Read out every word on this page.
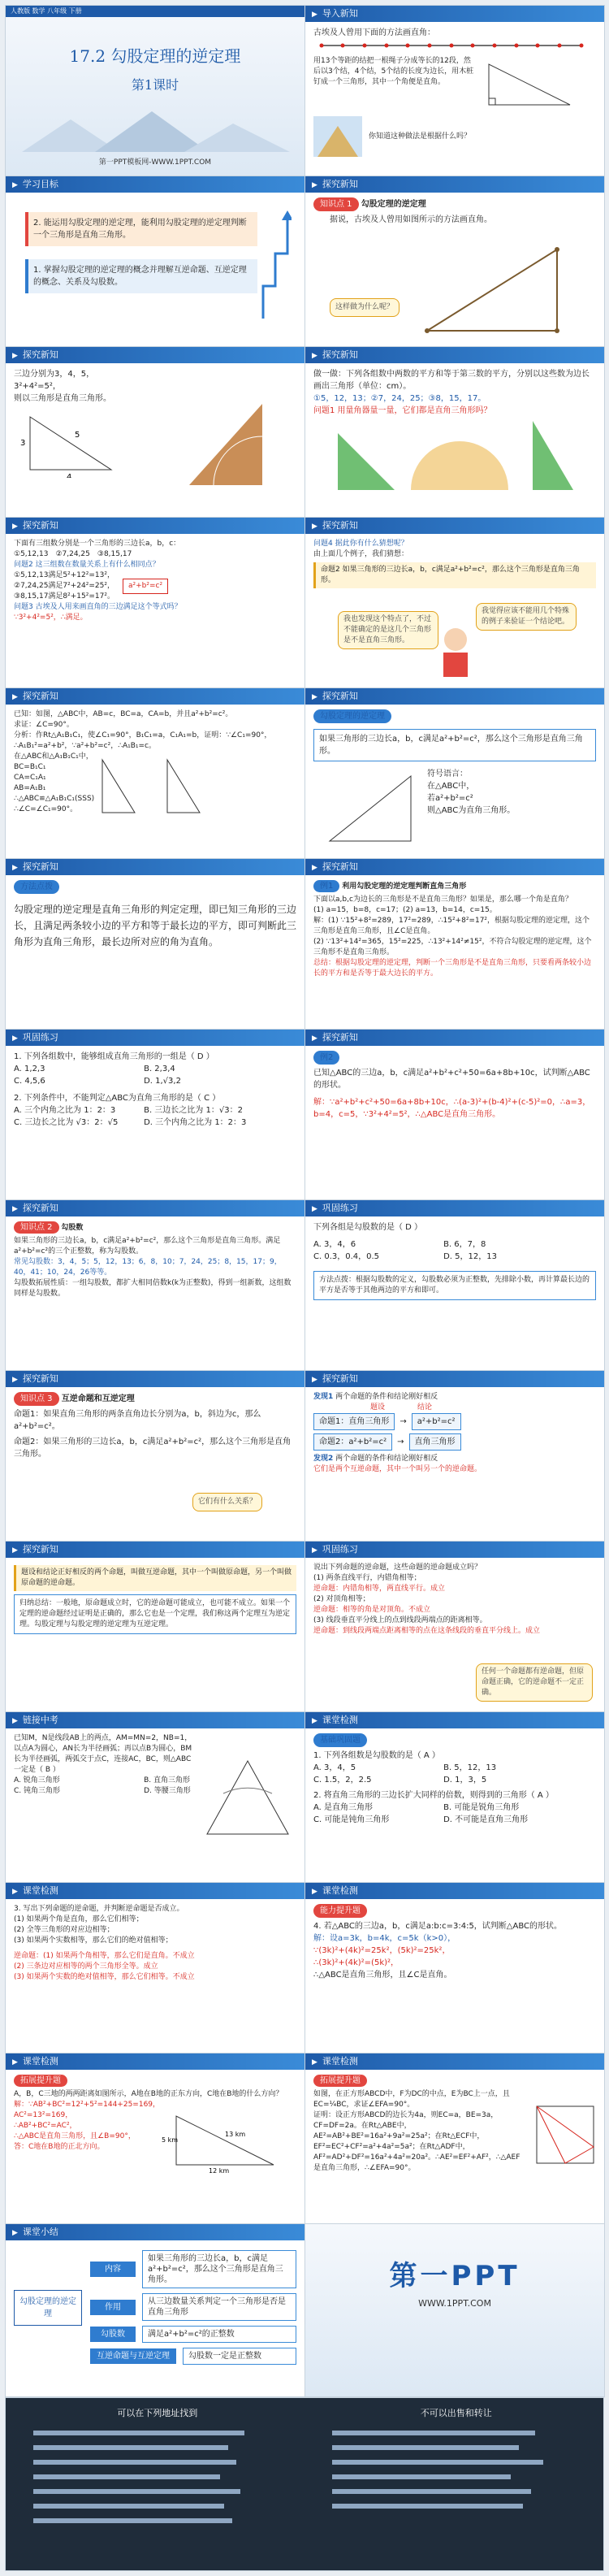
人教版 数学 八年级 下册
17.2 勾股定理的逆定理
第1课时
第一PPT模板网-WWW.1PPT.COM
▶ 导入新知
古埃及人曾用下面的方法画直角：
用13个等距的结把一根绳子分成等长的12段，然后以3个结，4个结，5个结的长度为边长，用木桩钉成一个三角形，其中一个角便是直角。
你知道这种做法是根据什么吗？
▶ 学习目标
2. 能运用勾股定理的逆定理，能利用勾股定理的逆定理判断一个三角形是直角三角形。
1. 掌握勾股定理的逆定理的概念并理解互逆命题、互逆定理的概念、关系及勾股数。
▶ 探究新知
知识点 1 勾股定理的逆定理
据说，古埃及人曾用如图所示的方法画直角。
这样做为什么呢？
▶ 探究新知
三边分别为3，4，5，
3²+4²=5²，
则以三角形是直角三角形。
3
4
5
▶ 探究新知
做一做：下列各组数中两数的平方和等于第三数的平方，分别以这些数为边长画出三角形（单位：cm）。
①5，12，13；②7，24，25；③8，15，17。
问题1 用量角器量一量，它们都是直角三角形吗？
▶ 探究新知
下面有三组数分别是一个三角形的三边长a，b，c：
①5,12,13　 ②7,24,25　 ③8,15,17
问题2 这三组数在数量关系上有什么相同点？
①5,12,13满足5²+12²=13²，
②7,24,25满足7²+24²=25²，
③8,15,17满足8²+15²=17²。
a²+b²=c²
问题3 古埃及人用来画直角的三边满足这个等式吗？
∵3²+4²=5²，∴满足。
▶ 探究新知
问题4 据此你有什么猜想呢？
由上面几个例子，我们猜想：
命题2 如果三角形的三边长a，b，c满足a²+b²=c²，那么这个三角形是直角三角形。
我也发现这个特点了，不过不能确定的是这几个三角形是不是直角三角形。
我觉得应该不能用几个特殊的例子来验证一个结论吧。
▶ 探究新知
已知：如图，△ABC中，AB=c，BC=a，CA=b，并且a²+b²=c²。
求证：∠C=90°。
分析：作Rt△A₁B₁C₁，使∠C₁=90°，B₁C₁=a，C₁A₁=b，证明：∵∠C₁=90°，∴A₁B₁²=a²+b²，∵a²+b²=c²，∴A₁B₁=c。
在△ABC和△A₁B₁C₁中，
BC=B₁C₁
CA=C₁A₁
AB=A₁B₁
∴△ABC≌△A₁B₁C₁(SSS)
∴∠C=∠C₁=90°。
▶ 探究新知
勾股定理的逆定理
如果三角形的三边长a，b，c满足a²+b²=c²，那么这个三角形是直角三角形。
符号语言：
在△ABC中，
若a²+b²=c²
则△ABC为直角三角形。
▶ 探究新知
方法点拨
勾股定理的逆定理是直角三角形的判定定理，即已知三角形的三边长，且满足两条较小边的平方和等于最长边的平方，即可判断此三角形为直角三角形，最长边所对应的角为直角。
▶ 探究新知
例1 利用勾股定理的逆定理判断直角三角形
下面以a,b,c为边长的三角形是不是直角三角形？如果是，那么哪一个角是直角？
(1) a=15，b=8，c=17；(2) a=13，b=14，c=15。
解：(1) ∵15²+8²=289，17²=289，∴15²+8²=17²，根据勾股定理的逆定理，这个三角形是直角三角形，且∠C是直角。
(2) ∵13²+14²=365，15²=225，∴13²+14²≠15²，不符合勾股定理的逆定理，这个三角形不是直角三角形。
总结：根据勾股定理的逆定理，判断一个三角形是不是直角三角形，只要看两条较小边长的平方和是否等于最大边长的平方。
▶ 巩固练习
1. 下列各组数中，能够组成直角三角形的一组是（ D ）
A. 1,2,3	B. 2,3,4
C. 4,5,6	D. 1,√3,2
2. 下列条件中，不能判定△ABC为直角三角形的是（ C ）
A. 三个内角之比为 1：2：3	B. 三边长之比为 1：√3：2
C. 三边长之比为 √3：2：√5	D. 三个内角之比为 1：2：3
▶ 探究新知
例2
已知△ABC的三边a，b，c满足a²+b²+c²+50=6a+8b+10c，试判断△ABC的形状。
解：∵a²+b²+c²+50=6a+8b+10c，∴(a-3)²+(b-4)²+(c-5)²=0，∴a=3，b=4，c=5，∵3²+4²=5²，∴△ABC是直角三角形。
▶ 探究新知
知识点 2 勾股数
如果三角形的三边长a，b，c满足a²+b²=c²，那么这个三角形是直角三角形。满足a²+b²=c²的三个正整数，称为勾股数。
常见勾股数：3，4，5；5，12，13；6，8，10；7，24，25；8，15，17；9，40，41；10，24，26等等。
勾股数拓展性质：一组勾股数，都扩大相同倍数k(k为正整数)，得到一组新数，这组数同样是勾股数。
▶ 巩固练习
下列各组是勾股数的是（ D ）
A. 3，4，6	B. 6，7，8
C. 0.3，0.4，0.5	D. 5，12，13
方法点拨：根据勾股数的定义，勾股数必须为正整数，先排除小数，再计算最长边的平方是否等于其他两边的平方和即可。
▶ 探究新知
知识点 3 互逆命题和互逆定理
命题1：如果直角三角形的两条直角边长分别为a，b，斜边为c，那么a²+b²=c²。
命题2：如果三角形的三边长a，b，c满足a²+b²=c²，那么这个三角形是直角三角形。
它们有什么关系？
▶ 探究新知
发现1 两个命题的条件和结论刚好相反
题设	结论
命题1：直角三角形	→	a²+b²=c²
命题2：a²+b²=c²	→	直角三角形
发现2 两个命题的条件和结论刚好相反
它们是两个互逆命题，其中一个叫另一个的逆命题。
▶ 探究新知
题设和结论正好相反的两个命题，叫做互逆命题，其中一个叫做原命题，另一个叫做原命题的逆命题。
归纳总结：一般地，原命题成立时，它的逆命题可能成立，也可能不成立。如果一个定理的逆命题经过证明是正确的，那么它也是一个定理，我们称这两个定理互为逆定理。勾股定理与勾股定理的逆定理为互逆定理。
▶ 巩固练习
说出下列命题的逆命题，这些命题的逆命题成立吗？
(1) 两条直线平行，内错角相等；
逆命题：内错角相等，两直线平行。成立
(2) 对顶角相等；
逆命题：相等的角是对顶角。不成立
(3) 线段垂直平分线上的点到线段两端点的距离相等。
逆命题：到线段两端点距离相等的点在这条线段的垂直平分线上。成立
任何一个命题都有逆命题，但原命题正确，它的逆命题不一定正确。
▶ 链接中考
已知M，N是线段AB上的两点，AM=MN=2，NB=1，以点A为圆心，AN长为半径画弧；再以点B为圆心，BM长为半径画弧，两弧交于点C，连接AC，BC，则△ABC一定是（ B ）
A. 锐角三角形	B. 直角三角形
C. 钝角三角形	D. 等腰三角形
▶ 课堂检测
基础巩固题
1. 下列各组数是勾股数的是（ A ）
A. 3，4，5	B. 5，12，13
C. 1.5，2，2.5	D. 1，3，5
2. 将直角三角形的三边长扩大同样的倍数，则得到的三角形（ A ）
A. 是直角三角形	B. 可能是锐角三角形
C. 可能是钝角三角形	D. 不可能是直角三角形
▶ 课堂检测
3. 写出下列命题的逆命题，并判断逆命题是否成立。
(1) 如果两个角是直角，那么它们相等；
(2) 全等三角形的对应边相等；
(3) 如果两个实数相等，那么它们的绝对值相等；
逆命题：(1) 如果两个角相等，那么它们是直角。不成立
(2) 三条边对应相等的两个三角形全等。成立
(3) 如果两个实数的绝对值相等，那么它们相等。不成立
▶ 课堂检测
能力提升题
4. 若△ABC的三边a，b，c满足a:b:c=3:4:5，试判断△ABC的形状。
解：设a=3k，b=4k，c=5k（k>0），
∵(3k)²+(4k)²=25k²，(5k)²=25k²，
∴(3k)²+(4k)²=(5k)²，
∴△ABC是直角三角形，且∠C是直角。
▶ 课堂检测
拓展提升题
A，B，C三地的两两距离如图所示，A地在B地的正东方向，C地在B地的什么方向？
解：∵AB²+BC²=12²+5²=144+25=169，
AC²=13²=169，
∴AB²+BC²=AC²，
∴△ABC是直角三角形，且∠B=90°，
答：C地在B地的正北方向。
5 km
12 km
13 km
▶ 课堂检测
拓展提升题
如图，在正方形ABCD中，F为DC的中点，E为BC上一点，且EC=¼BC，求证∠EFA=90°。
证明：设正方形ABCD的边长为4a，则EC=a，BE=3a，CF=DF=2a。在Rt△ABE中，AE²=AB²+BE²=16a²+9a²=25a²；在Rt△ECF中，EF²=EC²+CF²=a²+4a²=5a²；在Rt△ADF中，AF²=AD²+DF²=16a²+4a²=20a²。∴AE²=EF²+AF²，∴△AEF是直角三角形，∴∠EFA=90°。
▶ 课堂小结
勾股定理的逆定理
内容
如果三角形的三边长a，b，c满足a²+b²=c²，那么这个三角形是直角三角形。
作用
从三边数量关系判定一个三角形是否是直角三角形
勾股数	满足a²+b²=c²的正整数
互逆命题与互逆定理	勾股数一定是正整数
第一PPT
WWW.1PPT.COM
可以在下列地址找到	不可以出售和转让
